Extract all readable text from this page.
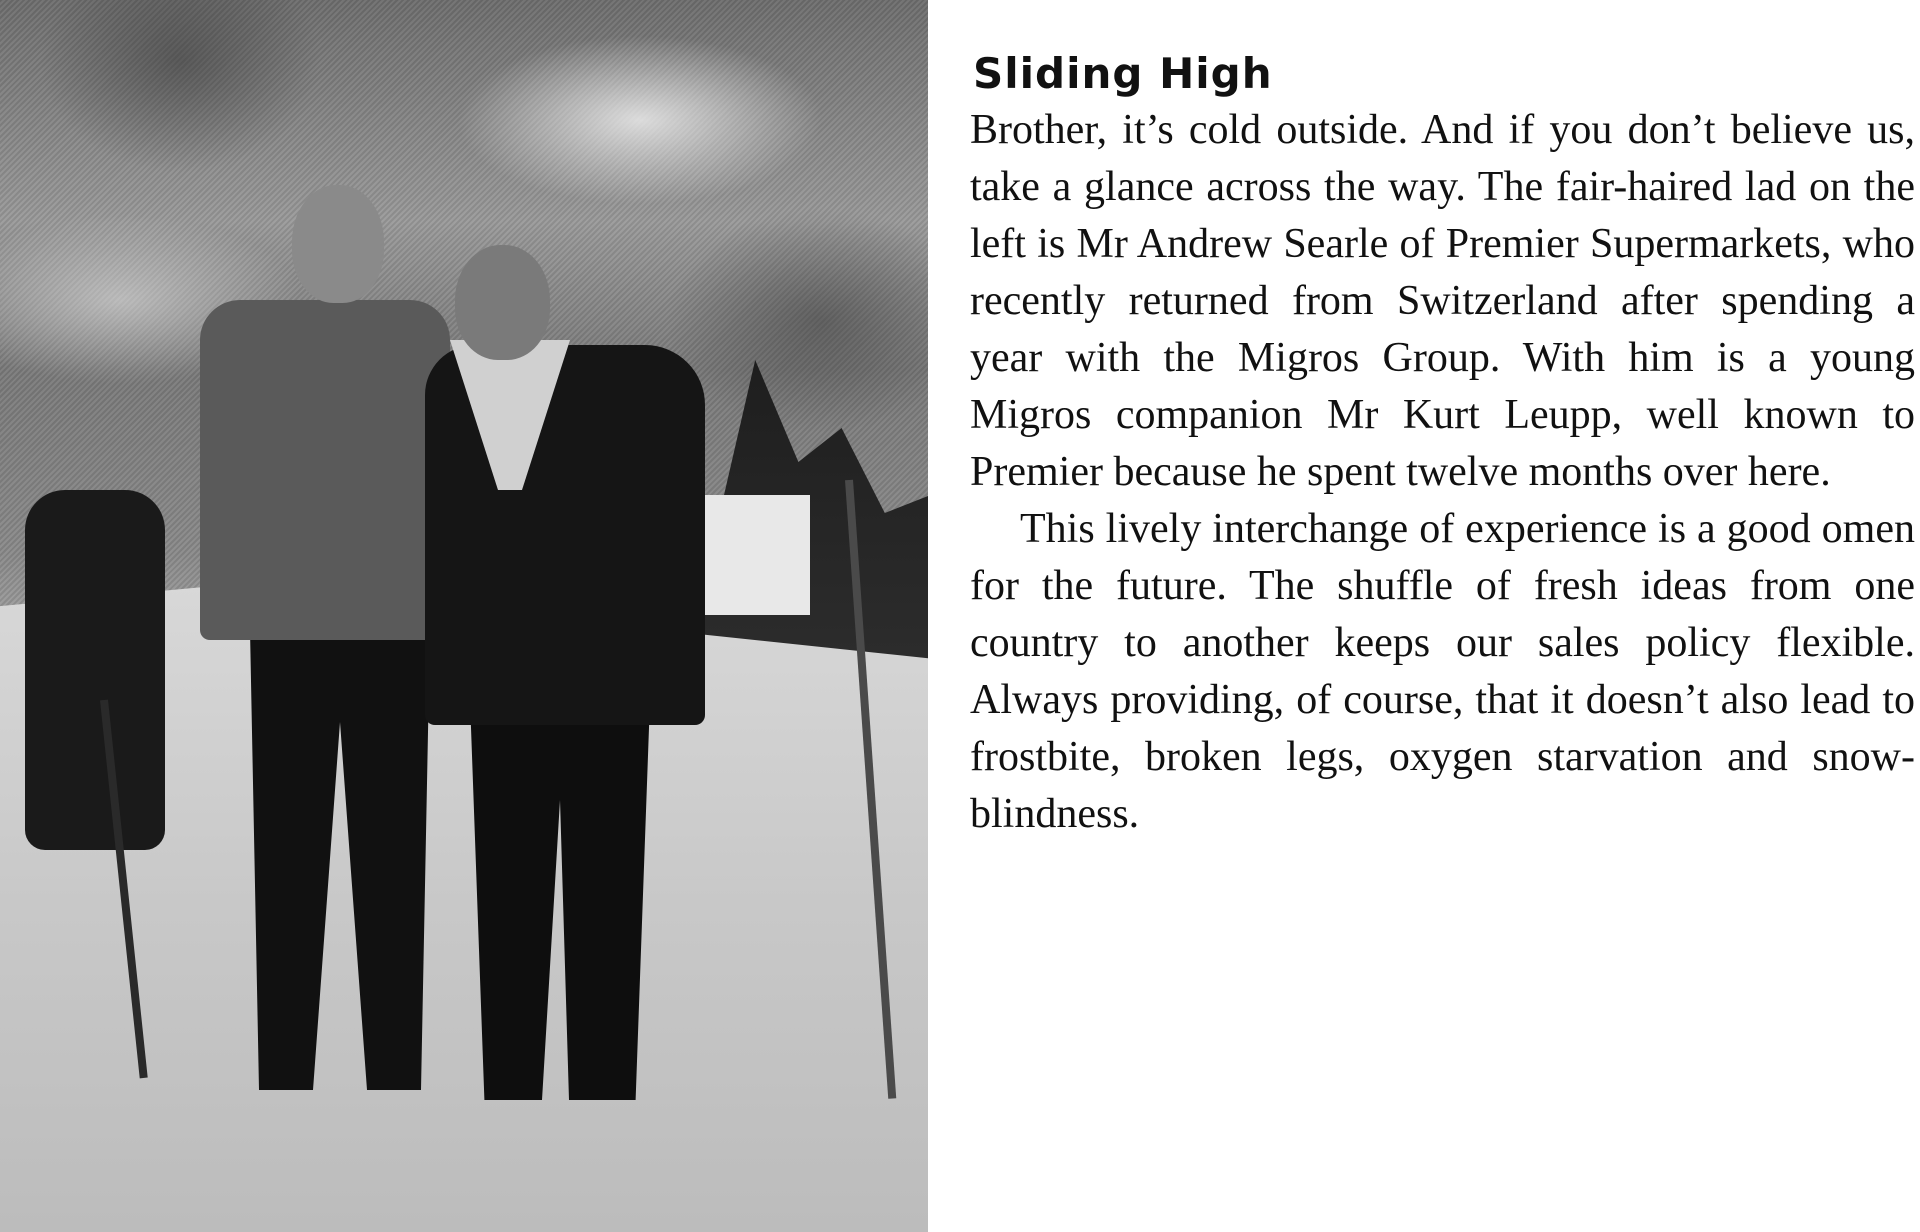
Sliding High

Brother, it’s cold outside. And if you don’t believe us, take a glance across the way. The fair-haired lad on the left is Mr Andrew Searle of Premier Supermarkets, who recently returned from Switzerland after spending a year with the Migros Group. With him is a young Migros companion Mr Kurt Leupp, well known to Premier because he spent twelve months over here.

This lively interchange of experience is a good omen for the future. The shuffle of fresh ideas from one country to another keeps our sales policy flexible. Always providing, of course, that it doesn’t also lead to frostbite, broken legs, oxygen starvation and snow-blindness.
